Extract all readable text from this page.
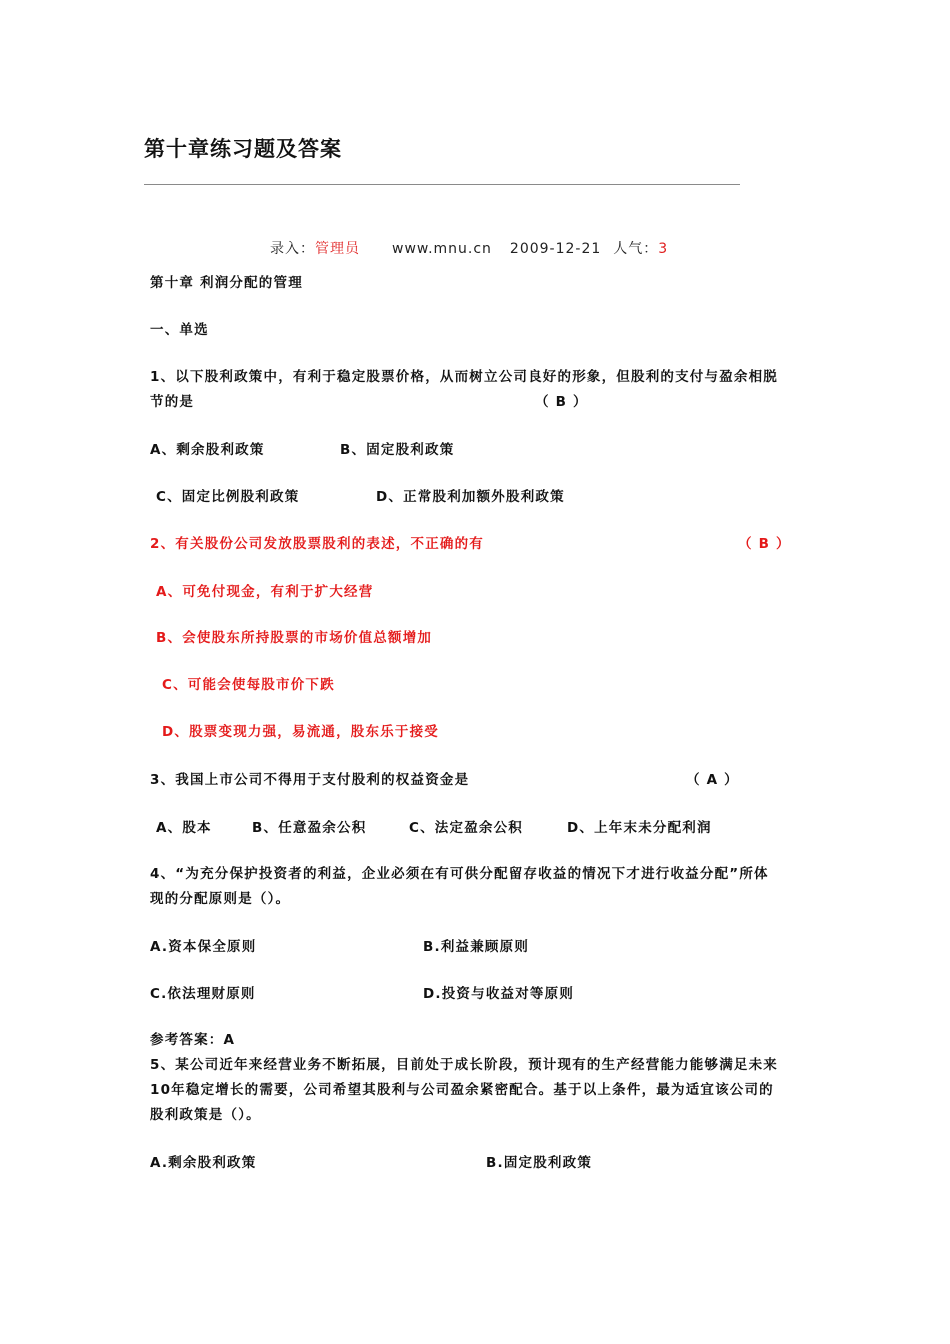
第十章练习题及答案
录入：管理员 www.mnu.cn 2009-12-21 人气：3
第十章 利润分配的管理
一、单选
1、以下股利政策中，有利于稳定股票价格，从而树立公司良好的形象，但股利的支付与盈余相脱
节的是	（ B ）
A、剩余股利政策	B、固定股利政策
C、固定比例股利政策	D、正常股利加额外股利政策
2、有关股份公司发放股票股利的表述，不正确的有	（ B ）
A、可免付现金，有利于扩大经营
B、会使股东所持股票的市场价值总额增加
C、可能会使每股市价下跌
D、股票变现力强，易流通，股东乐于接受
3、我国上市公司不得用于支付股利的权益资金是	（ A ）
A、股本	B、任意盈余公积	C、法定盈余公积	D、上年末未分配利润
4、“为充分保护投资者的利益，企业必须在有可供分配留存收益的情况下才进行收益分配”所体
现的分配原则是（）。
A.资本保全原则	B.利益兼顾原则
C.依法理财原则	D.投资与收益对等原则
参考答案：A
5、某公司近年来经营业务不断拓展，目前处于成长阶段，预计现有的生产经营能力能够满足未来
10年稳定增长的需要，公司希望其股利与公司盈余紧密配合。基于以上条件，最为适宜该公司的
股利政策是（）。
A.剩余股利政策	B.固定股利政策
